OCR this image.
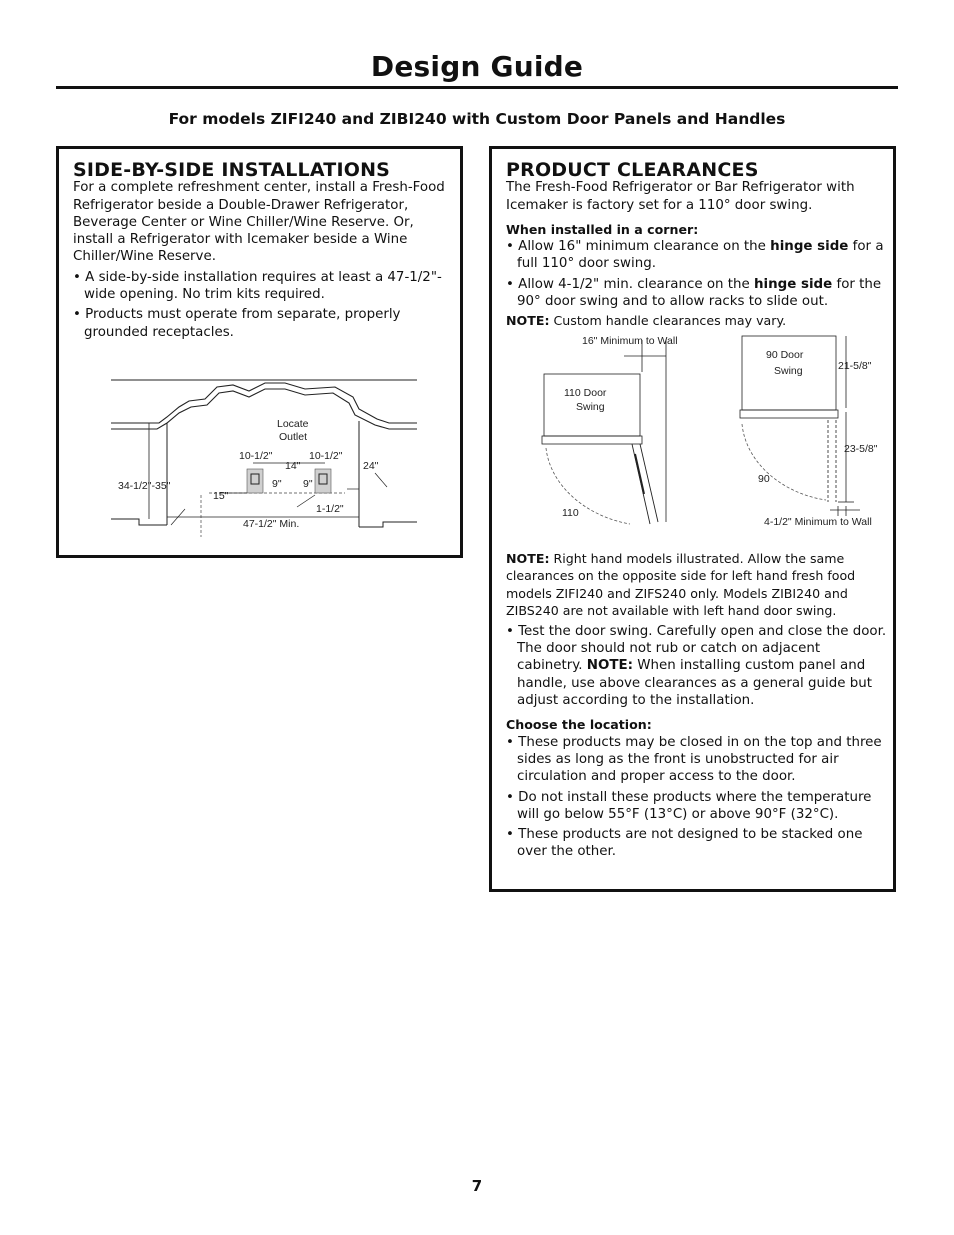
Design Guide
For models ZIFI240 and ZIBI240 with Custom Door Panels and Handles
SIDE-BY-SIDE INSTALLATIONS

For a complete refreshment center, install a Fresh-Food Refrigerator beside a Double-Drawer Refrigerator, Beverage Center or Wine Chiller/Wine Reserve. Or, install a Refrigerator with Icemaker beside a Wine Chiller/Wine Reserve.

• A side-by-side installation requires at least a 47-1/2"-wide opening. No trim kits required.

• Products must operate from separate, properly grounded receptacles.

Locate
Outlet
10-1/2"	10-1/2"
14"	24"
34-1/2"-35"
15"
9" 9"
1-1/2"
47-1/2" Min.
PRODUCT CLEARANCES

The Fresh-Food Refrigerator or Bar Refrigerator with Icemaker is factory set for a 110° door swing.

When installed in a corner:

• Allow 16" minimum clearance on the hinge side for a full 110° door swing.

• Allow 4-1/2" min. clearance on the hinge side for the 90° door swing and to allow racks to slide out.

NOTE: Custom handle clearances may vary.

16" Minimum to Wall
110 Door
Swing
110
90 Door
Swing
90
21-5/8"
23-5/8"
4-1/2" Minimum to Wall

NOTE: Right hand models illustrated. Allow the same clearances on the opposite side for left hand fresh food models ZIFI240 and ZIFS240 only. Models ZIBI240 and ZIBS240 are not available with left hand door swing.

• Test the door swing. Carefully open and close the door. The door should not rub or catch on adjacent cabinetry. NOTE: When installing custom panel and handle, use above clearances as a general guide but adjust according to the installation.

Choose the location:

• These products may be closed in on the top and three sides as long as the front is unobstructed for air circulation and proper access to the door.

• Do not install these products where the temperature will go below 55°F (13°C) or above 90°F (32°C).

• These products are not designed to be stacked one over the other.

7
